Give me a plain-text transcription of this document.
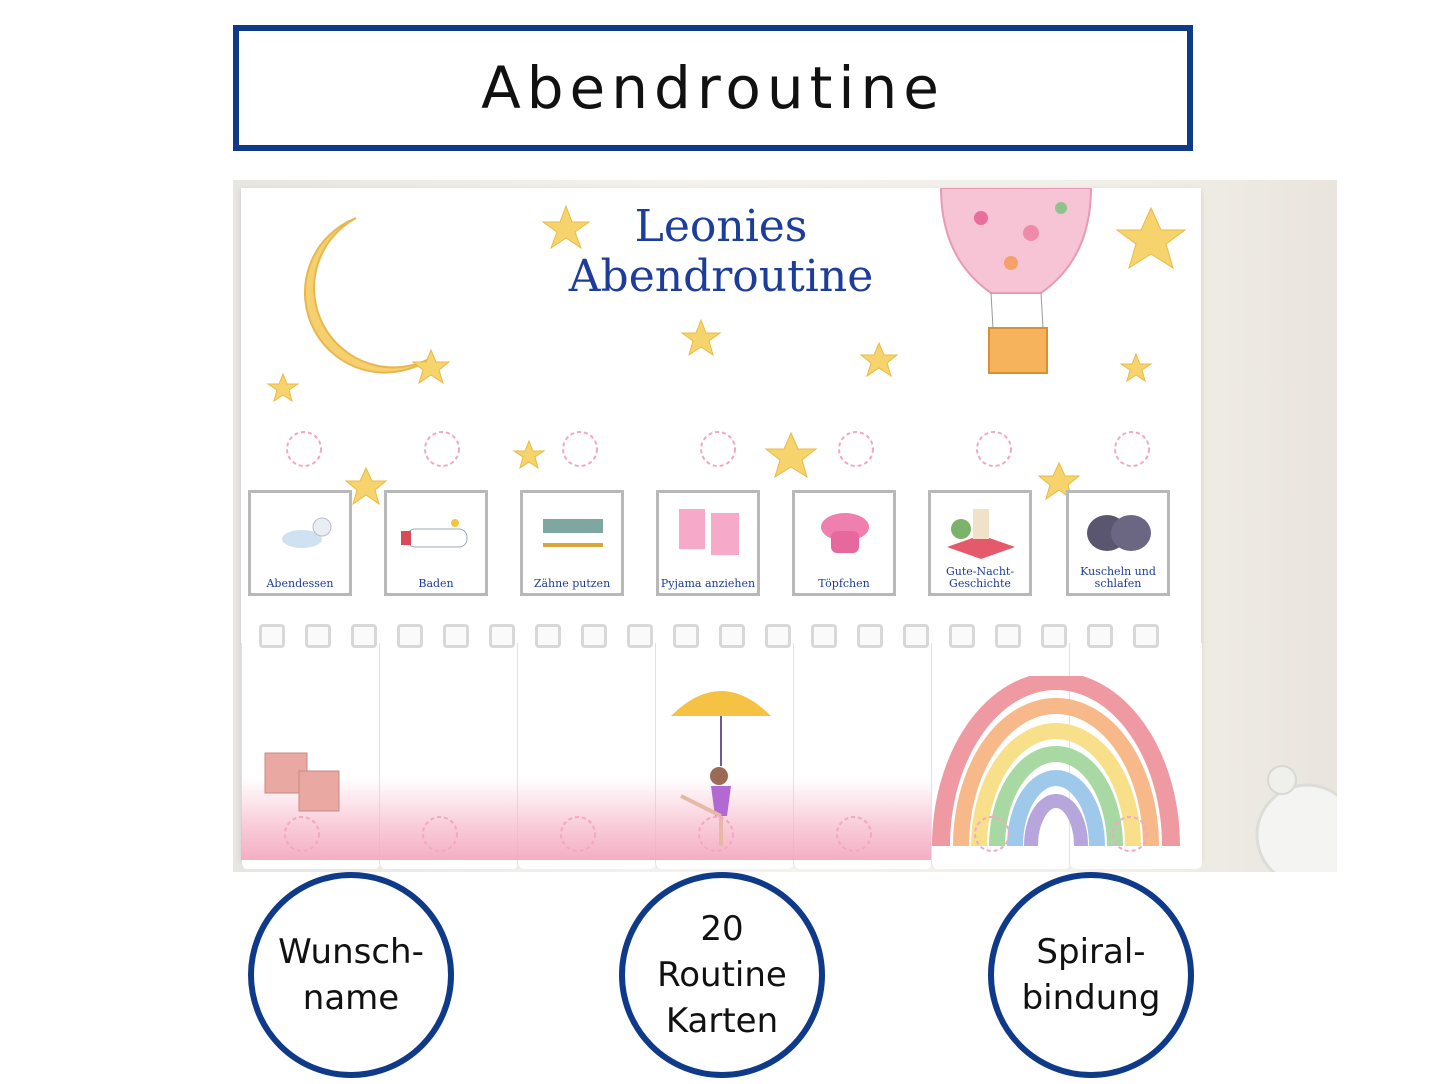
Abendroutine
Leonies
Abendroutine
Abendessen	Baden	Zähne putzen	Pyjama anziehen	Töpfchen
Gute-Nacht-Geschichte
Kuscheln und schlafen
Wunsch-
name
20
Routine
Karten
Spiral-
bindung
